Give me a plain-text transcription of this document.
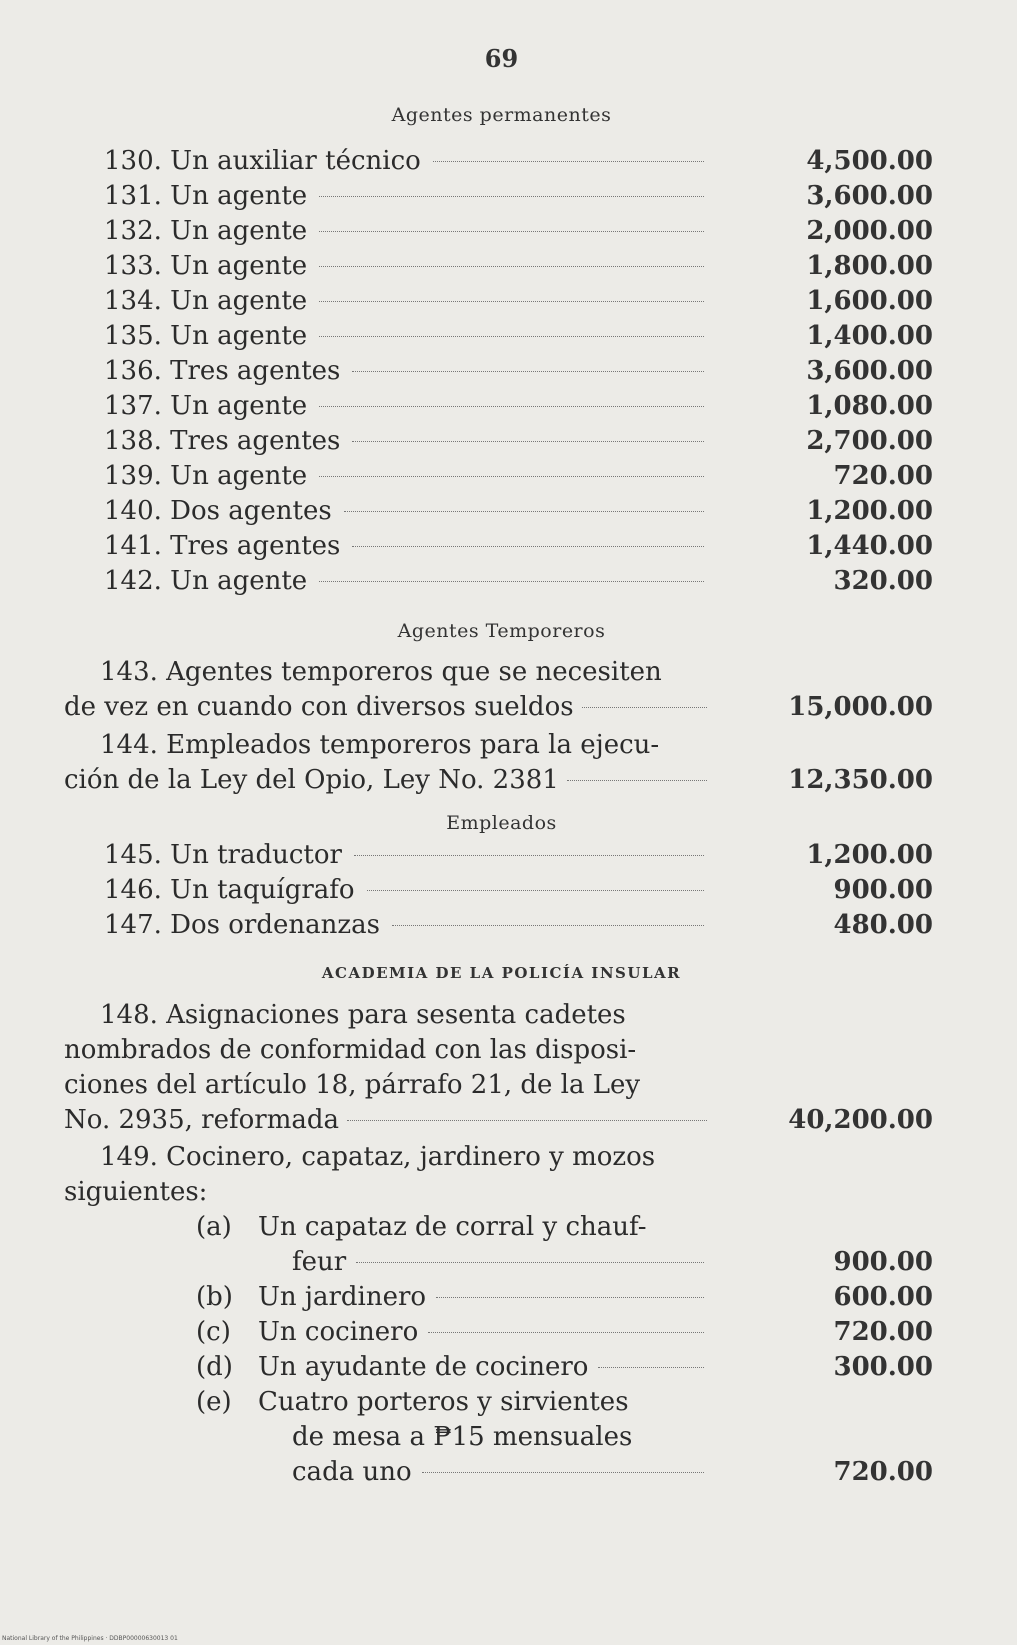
69
Agentes permanentes
130. Un auxiliar técnico	4,500.00
131. Un agente	3,600.00
132. Un agente	2,000.00
133. Un agente	1,800.00
134. Un agente	1,600.00
135. Un agente	1,400.00
136. Tres agentes	3,600.00
137. Un agente	1,080.00
138. Tres agentes	2,700.00
139. Un agente	720.00
140. Dos agentes	1,200.00
141. Tres agentes	1,440.00
142. Un agente	320.00
Agentes Temporeros
143. Agentes temporeros que se necesiten
de vez en cuando con diversos sueldos	15,000.00
144. Empleados temporeros para la ejecu-
ción de la Ley del Opio, Ley No. 2381	12,350.00
Empleados
145. Un traductor	1,200.00
146. Un taquígrafo	900.00
147. Dos ordenanzas	480.00
ACADEMIA DE LA POLICÍA INSULAR
148. Asignaciones para sesenta cadetes
nombrados de conformidad con las disposi-
ciones del artículo 18, párrafo 21, de la Ley
No. 2935, reformada	40,200.00
149. Cocinero, capataz, jardinero y mozos
siguientes:
(a)	Un capataz de corral y chauf-
feur	900.00
(b) Un jardinero	600.00
(c)	Un cocinero	720.00
(d) Un ayudante de cocinero	300.00
(e)	Cuatro porteros y sirvientes
de mesa a ₱15 mensuales
cada uno	720.00
National Library of the Philippines · DDBP00000630013 01
